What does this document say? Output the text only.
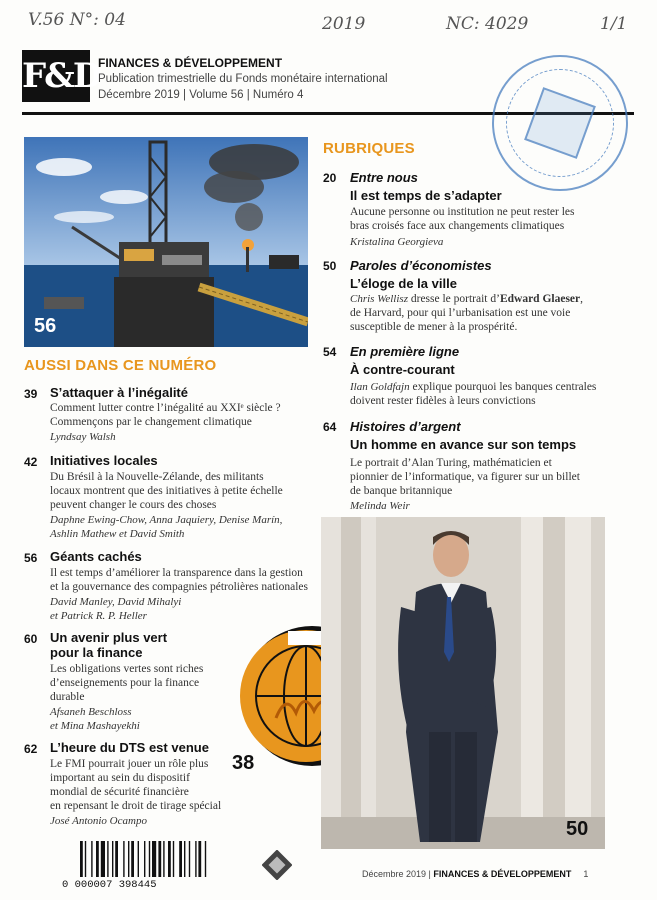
V.56 N°: 04	2019	NC: 4029	1/1
F&D
FINANCES & DÉVELOPPEMENT
Publication trimestrielle du Fonds monétaire international
Décembre 2019 | Volume 56 | Numéro 4
56
AUSSI DANS CE NUMÉRO
39 S’attaquer à l’inégalité
Comment lutter contre l’inégalité au XXIᵉ siècle ?
Commençons par le changement climatique
Lyndsay Walsh
42 Initiatives locales
Du Brésil à la Nouvelle-Zélande, des militants
locaux montrent que des initiatives à petite échelle
peuvent changer le cours des choses
Daphne Ewing-Chow, Anna Jaquiery, Denise Marín,
Ashlin Mathew et David Smith
56 Géants cachés
Il est temps d’améliorer la transparence dans la gestion
et la gouvernance des compagnies pétrolières nationales
David Manley, David Mihalyi
et Patrick R. P. Heller
60 Un avenir plus vert
pour la finance
Les obligations vertes sont riches
d’enseignements pour la finance
durable
Afsaneh Beschloss
et Mina Mashayekhi
62 L’heure du DTS est venue
Le FMI pourrait jouer un rôle plus
important au sein du dispositif
mondial de sécurité financière
en repensant le droit de tirage spécial
José Antonio Ocampo
38
RUBRIQUES
20 Entre nous
Il est temps de s’adapter
Aucune personne ou institution ne peut rester les
bras croisés face aux changements climatiques
Kristalina Georgieva
50 Paroles d’économistes
L’éloge de la ville
Chris Wellisz dresse le portrait d’Edward Glaeser,
de Harvard, pour qui l’urbanisation est une voie
susceptible de mener à la prospérité.
54 En première ligne
À contre-courant
Ilan Goldfajn explique pourquoi les banques centrales
doivent rester fidèles à leurs convictions
64 Histoires d’argent
Un homme en avance sur son temps
Le portrait d’Alan Turing, mathématicien et
pionnier de l’informatique, va figurer sur un billet
de banque britannique
Melinda Weir
50
0 000007 398445
Décembre 2019 | FINANCES & DÉVELOPPEMENT 1
